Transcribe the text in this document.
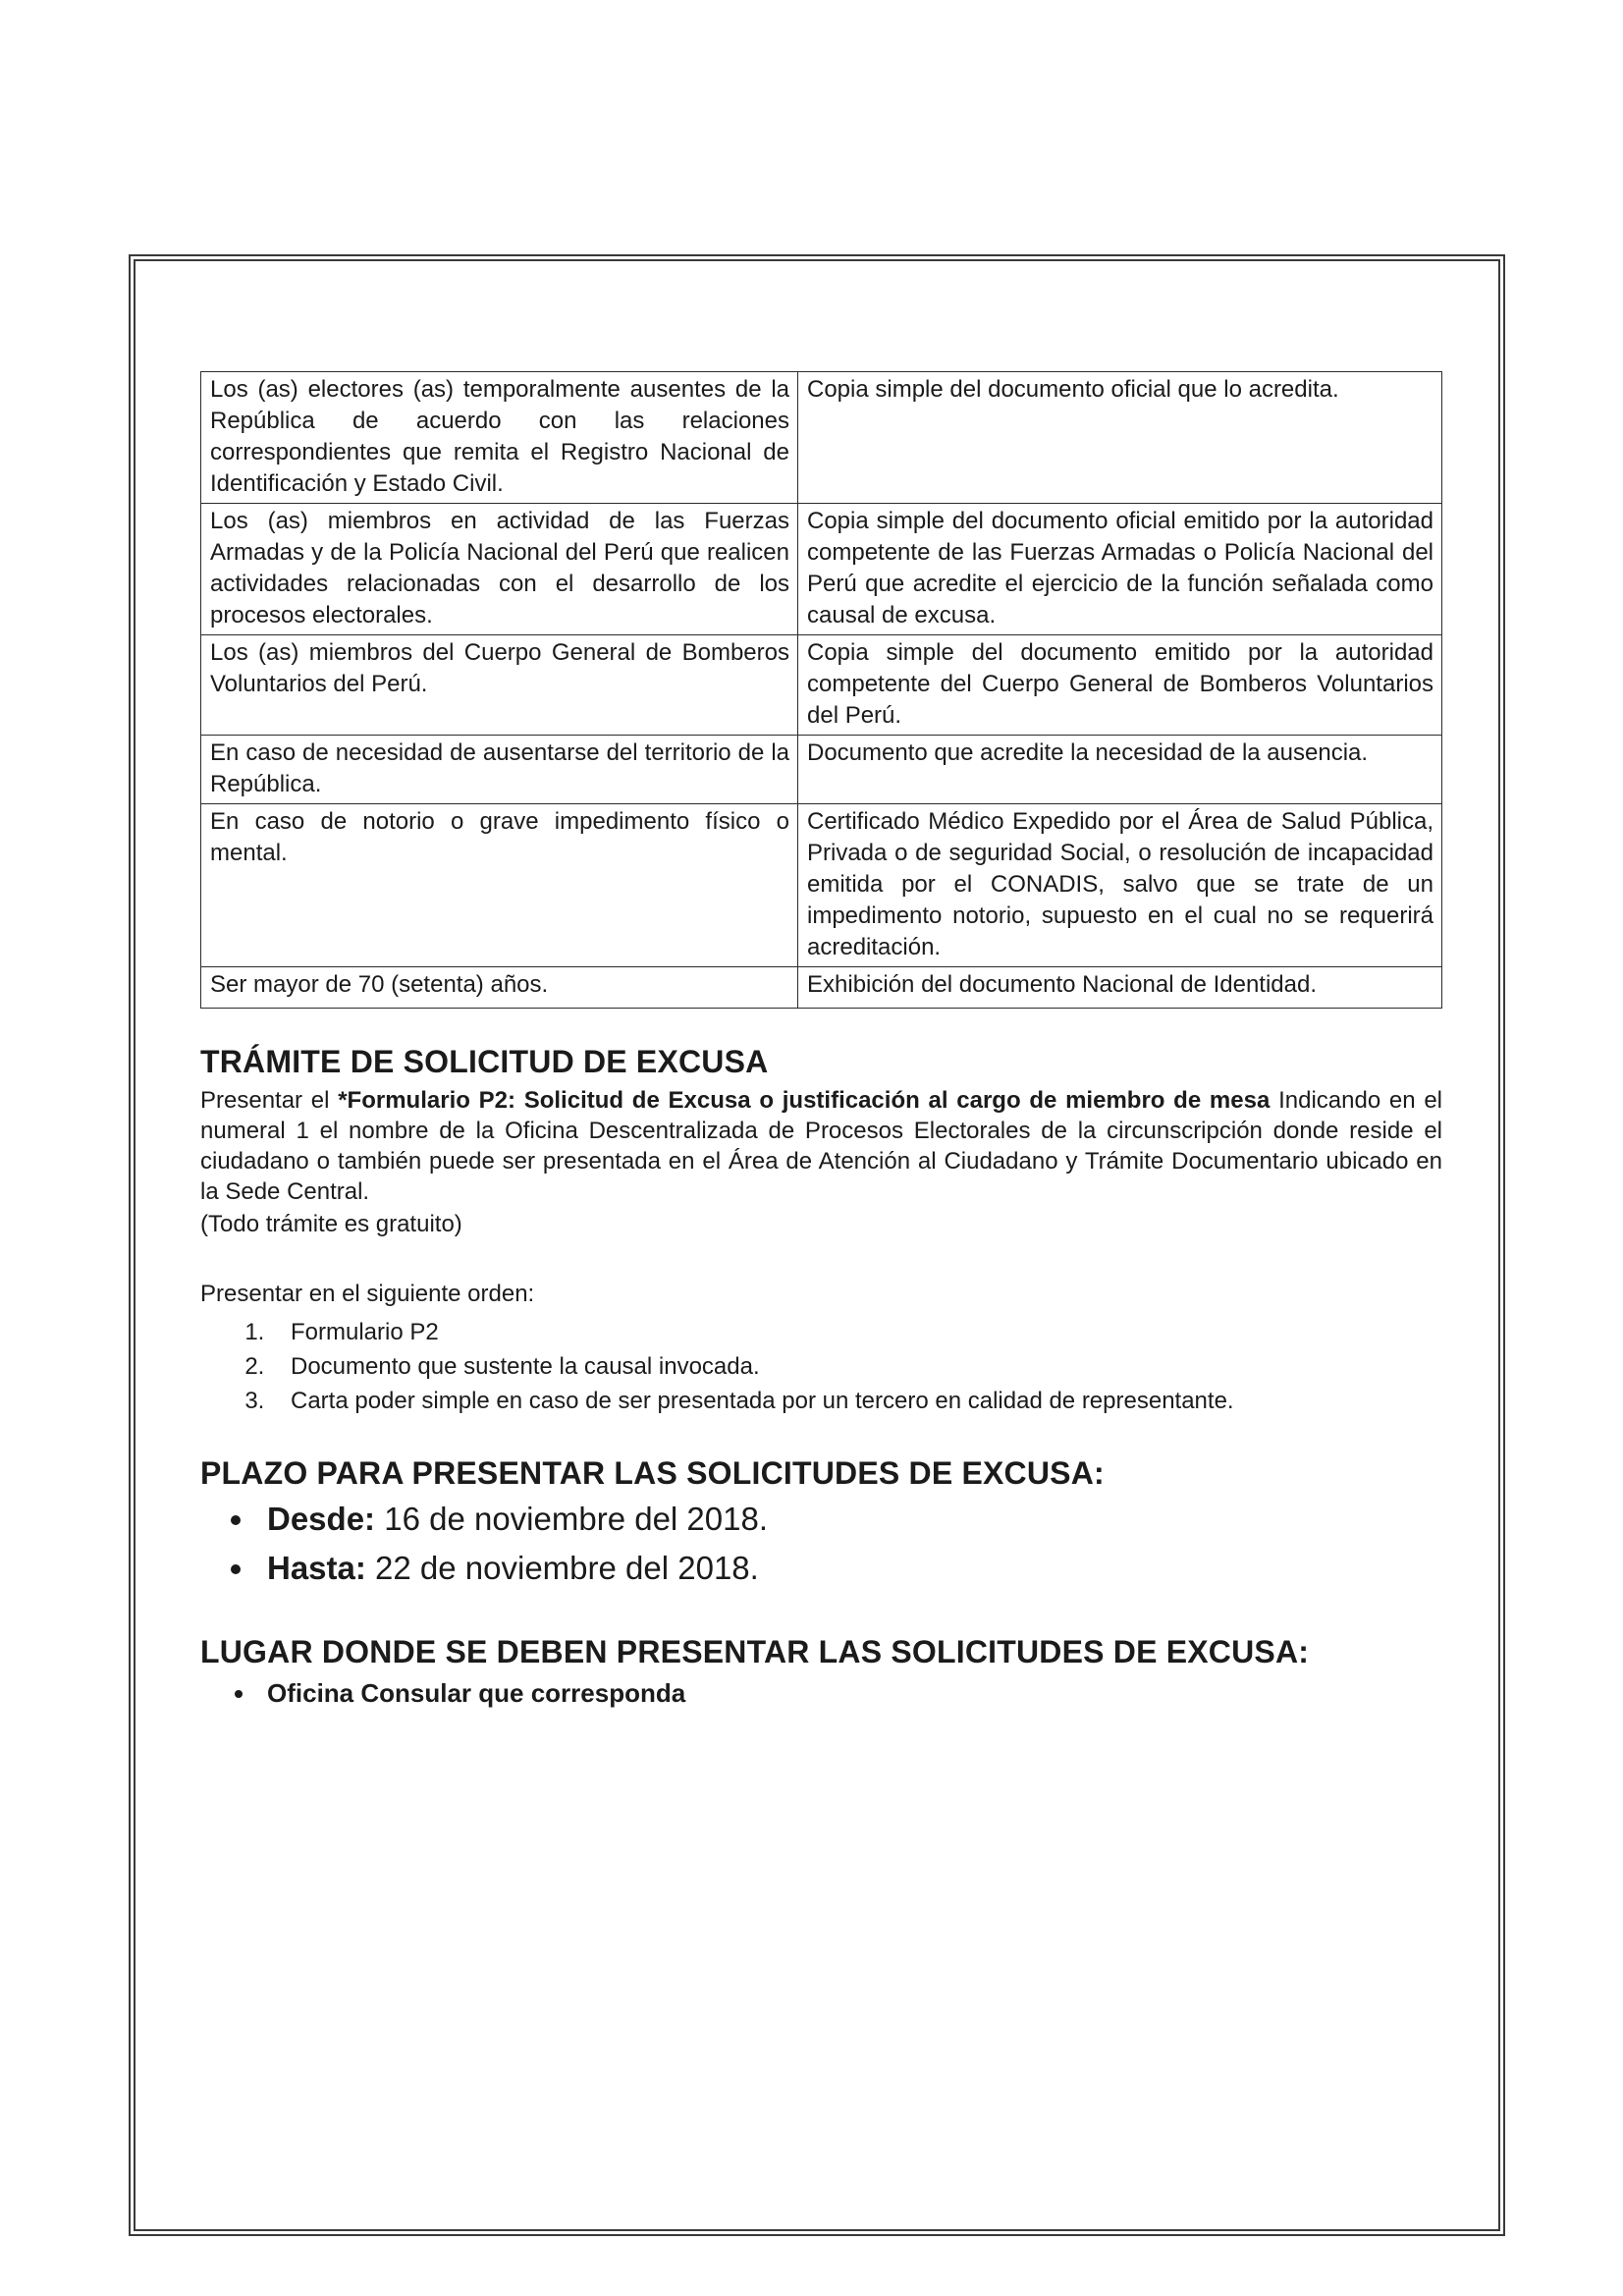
Los (as) electores (as) temporalmente ausentes de la República de acuerdo con las relaciones correspondientes que remita el Registro Nacional de Identificación y Estado Civil.	Copia simple del documento oficial que lo acredita.
Los (as) miembros en actividad de las Fuerzas Armadas y de la Policía Nacional del Perú que realicen actividades relacionadas con el desarrollo de los procesos electorales.	Copia simple del documento oficial emitido por la autoridad competente de las Fuerzas Armadas o Policía Nacional del Perú que acredite el ejercicio de la función señalada como causal de excusa.
Los (as) miembros del Cuerpo General de Bomberos Voluntarios del Perú.	Copia simple del documento emitido por la autoridad competente del Cuerpo General de Bomberos Voluntarios del Perú.
En caso de necesidad de ausentarse del territorio de la República.	Documento que acredite la necesidad de la ausencia.
En caso de notorio o grave impedimento físico o mental.	Certificado Médico Expedido por el Área de Salud Pública, Privada o de seguridad Social, o resolución de incapacidad emitida por el CONADIS, salvo que se trate de un impedimento notorio, supuesto en el cual no se requerirá acreditación.
Ser mayor de 70 (setenta) años.	Exhibición del documento Nacional de Identidad.
TRÁMITE DE SOLICITUD DE EXCUSA

Presentar el *Formulario P2: Solicitud de Excusa o justificación al cargo de miembro de mesa Indicando en el numeral 1 el nombre de la Oficina Descentralizada de Procesos Electorales de la circunscripción donde reside el ciudadano o también puede ser presentada en el Área de Atención al Ciudadano y Trámite Documentario ubicado en la Sede Central.

(Todo trámite es gratuito)

Presentar en el siguiente orden:

1. Formulario P2
2. Documento que sustente la causal invocada.
3. Carta poder simple en caso de ser presentada por un tercero en calidad de representante.
PLAZO PARA PRESENTAR LAS SOLICITUDES DE EXCUSA:
• Desde: 16 de noviembre del 2018.
• Hasta: 22 de noviembre del 2018.
LUGAR DONDE SE DEBEN PRESENTAR LAS SOLICITUDES DE EXCUSA:
• Oficina Consular que corresponda
